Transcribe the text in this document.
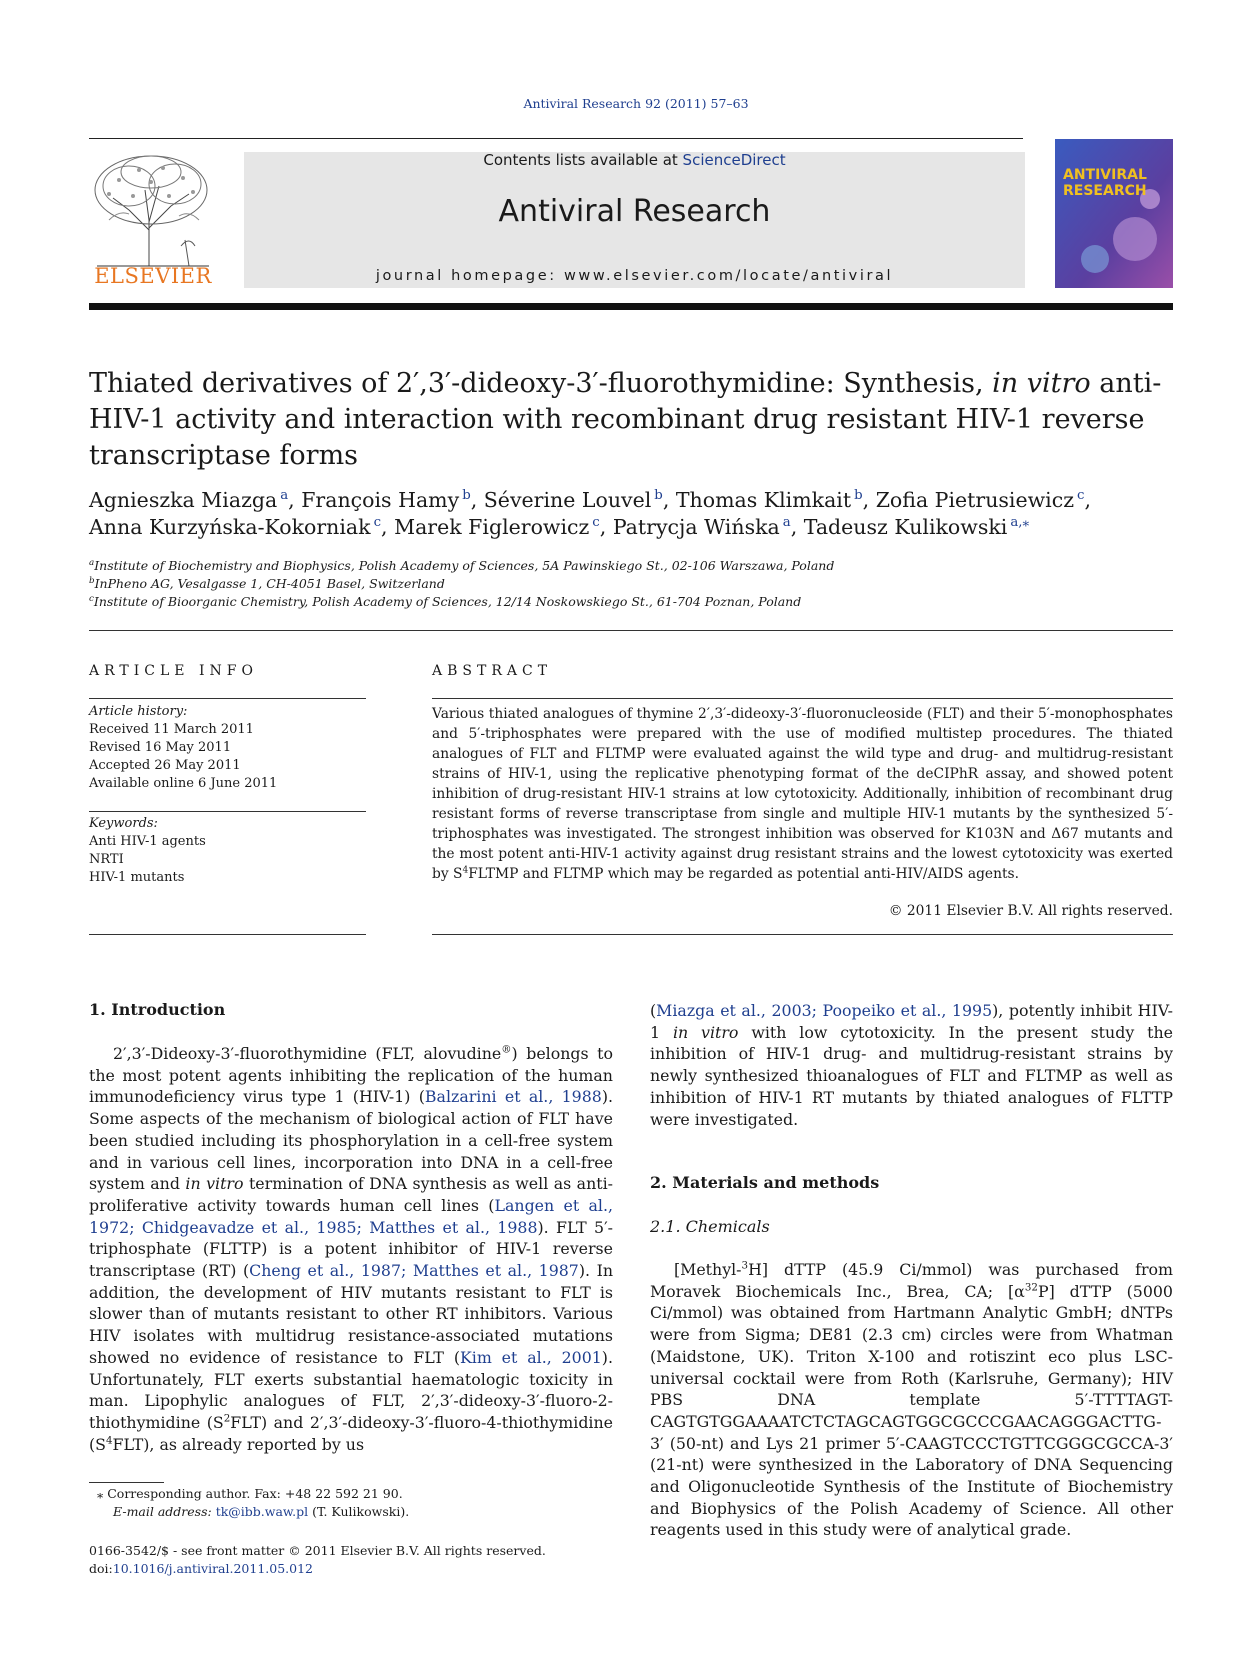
Antiviral Research 92 (2011) 57–63
ELSEVIER
Contents lists available at ScienceDirect
Antiviral Research
journal homepage: www.elsevier.com/locate/antiviral
ANTIVIRAL
RESEARCH
Thiated derivatives of 2′,3′-dideoxy-3′-fluorothymidine: Synthesis, in vitro anti-HIV-1 activity and interaction with recombinant drug resistant HIV-1 reverse transcriptase forms
Agnieszka Miazga $^a$, François Hamy $^b$, Séverine Louvel $^b$, Thomas Klimkait $^b$, Zofia Pietrusiewicz $^c$,
Anna Kurzyńska-Kokorniak $^c$, Marek Figlerowicz $^c$, Patrycja Wińska $^a$, Tadeusz Kulikowski $^{a,⁎}$
$^a$Institute of Biochemistry and Biophysics, Polish Academy of Sciences, 5A Pawinskiego St., 02-106 Warszawa, Poland
$^b$InPheno AG, Vesalgasse 1, CH-4051 Basel, Switzerland
$^c$Institute of Bioorganic Chemistry, Polish Academy of Sciences, 12/14 Noskowskiego St., 61-704 Poznan, Poland
ARTICLE INFO
Article history:
Received 11 March 2011
Revised 16 May 2011
Accepted 26 May 2011
Available online 6 June 2011
Keywords:
Anti HIV-1 agents
NRTI
HIV-1 mutants
ABSTRACT
Various thiated analogues of thymine 2′,3′-dideoxy-3′-fluoronucleoside (FLT) and their 5′-monophosphates and 5′-triphosphates were prepared with the use of modified multistep procedures. The thiated analogues of FLT and FLTMP were evaluated against the wild type and drug- and multidrug-resistant strains of HIV-1, using the replicative phenotyping format of the deCIPhR assay, and showed potent inhibition of drug-resistant HIV-1 strains at low cytotoxicity. Additionally, inhibition of recombinant drug resistant forms of reverse transcriptase from single and multiple HIV-1 mutants by the synthesized 5′-triphosphates was investigated. The strongest inhibition was observed for K103N and Δ67 mutants and the most potent anti-HIV-1 activity against drug resistant strains and the lowest cytotoxicity was exerted by $S^4FLTMP$ and FLTMP which may be regarded as potential anti-HIV/AIDS agents.
© 2011 Elsevier B.V. All rights reserved.
1. Introduction
2′,3′-Dideoxy-3′-fluorothymidine (FLT, alovudine®) belongs to the most potent agents inhibiting the replication of the human immunodeficiency virus type 1 (HIV-1) (Balzarini et al., 1988). Some aspects of the mechanism of biological action of FLT have been studied including its phosphorylation in a cell-free system and in various cell lines, incorporation into DNA in a cell-free system and in vitro termination of DNA synthesis as well as anti-proliferative activity towards human cell lines (Langen et al., 1972; Chidgeavadze et al., 1985; Matthes et al., 1988). FLT 5′-triphosphate (FLTTP) is a potent inhibitor of HIV-1 reverse transcriptase (RT) (Cheng et al., 1987; Matthes et al., 1987). In addition, the development of HIV mutants resistant to FLT is slower than of mutants resistant to other RT inhibitors. Various HIV isolates with multidrug resistance-associated mutations showed no evidence of resistance to FLT (Kim et al., 2001). Unfortunately, FLT exerts substantial haematologic toxicity in man. Lipophylic analogues of FLT, 2′,3′-dideoxy-3′-fluoro-2-thiothymidine $(S^2FLT)$ and 2′,3′-dideoxy-3′-fluoro-4-thiothymidine $(S^4FLT)$, as already reported by us
(Miazga et al., 2003; Poopeiko et al., 1995), potently inhibit HIV-1 in vitro with low cytotoxicity. In the present study the inhibition of HIV-1 drug- and multidrug-resistant strains by newly synthesized thioanalogues of FLT and FLTMP as well as inhibition of HIV-1 RT mutants by thiated analogues of FLTTP were investigated.
2. Materials and methods
2.1. Chemicals
[Methyl-$^3$H] dTTP (45.9 Ci/mmol) was purchased from Moravek Biochemicals Inc., Brea, CA; $[\alpha^{32}P]$ dTTP (5000 Ci/mmol) was obtained from Hartmann Analytic GmbH; dNTPs were from Sigma; DE81 (2.3 cm) circles were from Whatman (Maidstone, UK). Triton X-100 and rotiszint eco plus LSC-universal cocktail were from Roth (Karlsruhe, Germany); HIV PBS DNA template 5′-TTTTAGT-CAGTGTGGAAAATCTCTAGCAGTGGCGCCCGAACAGGGACTTG-3′ (50-nt) and Lys 21 primer 5′-CAAGTCCCTGTTCGGGCGCCA-3′ (21-nt) were synthesized in the Laboratory of DNA Sequencing and Oligonucleotide Synthesis of the Institute of Biochemistry and Biophysics of the Polish Academy of Science. All other reagents used in this study were of analytical grade.
⁎ Corresponding author. Fax: +48 22 592 21 90.
E-mail address: tk@ibb.waw.pl (T. Kulikowski).
0166-3542/$ - see front matter © 2011 Elsevier B.V. All rights reserved.
doi:10.1016/j.antiviral.2011.05.012
